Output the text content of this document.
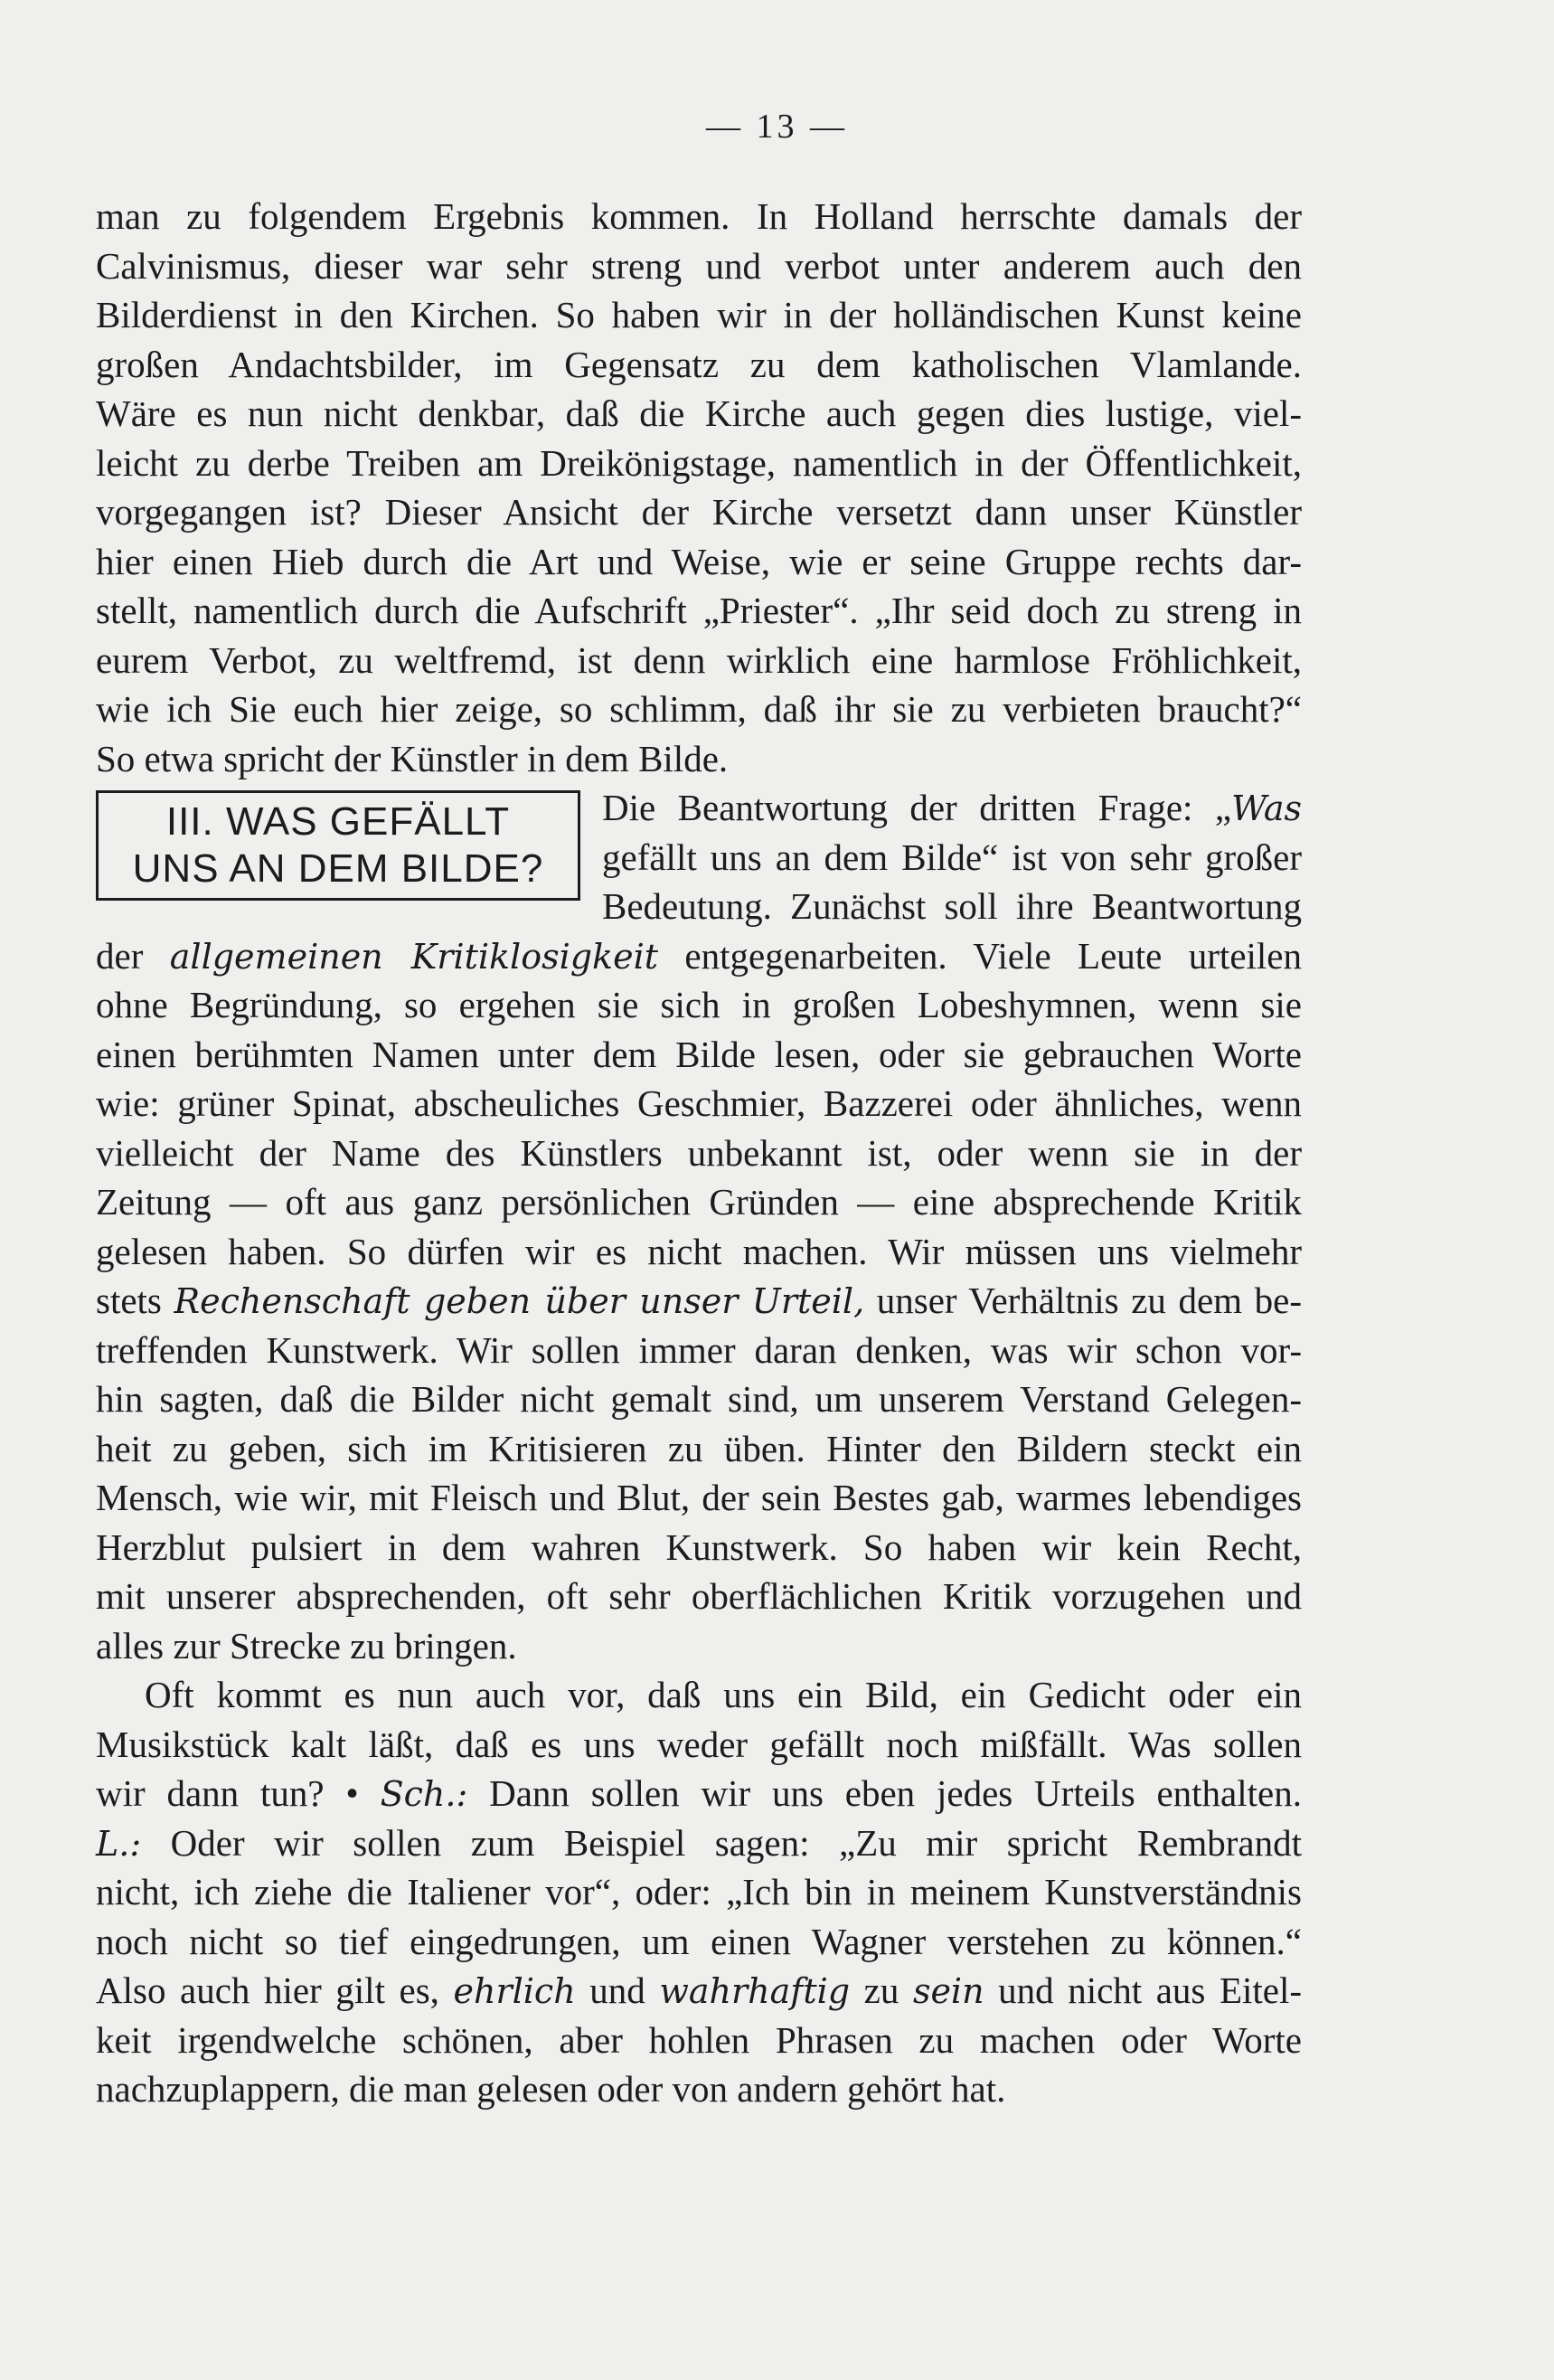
— 13 —
man zu folgendem Ergebnis kommen. In Holland herrschte damals der
Calvinismus, dieser war sehr streng und verbot unter anderem auch den
Bilderdienst in den Kirchen. So haben wir in der holländischen Kunst keine
großen Andachtsbilder, im Gegensatz zu dem katholischen Vlamlande.
Wäre es nun nicht denkbar, daß die Kirche auch gegen dies lustige, viel-
leicht zu derbe Treiben am Dreikönigstage, namentlich in der Öffentlichkeit,
vorgegangen ist? Dieser Ansicht der Kirche versetzt dann unser Künstler
hier einen Hieb durch die Art und Weise, wie er seine Gruppe rechts dar-
stellt, namentlich durch die Aufschrift „Priester“. „Ihr seid doch zu streng in
eurem Verbot, zu weltfremd, ist denn wirklich eine harmlose Fröhlichkeit,
wie ich Sie euch hier zeige, so schlimm, daß ihr sie zu verbieten braucht?“
So etwa spricht der Künstler in dem Bilde.
III. WAS GEFÄLLT
UNS AN DEM BILDE?
Die Beantwortung der dritten Frage: „Was
gefällt uns an dem Bilde“ ist von sehr großer
Bedeutung. Zunächst soll ihre Beantwortung
der allgemeinen Kritiklosigkeit entgegenarbeiten. Viele Leute urteilen
ohne Begründung, so ergehen sie sich in großen Lobeshymnen, wenn sie
einen berühmten Namen unter dem Bilde lesen, oder sie gebrauchen Worte
wie: grüner Spinat, abscheuliches Geschmier, Bazzerei oder ähnliches, wenn
vielleicht der Name des Künstlers unbekannt ist, oder wenn sie in der
Zeitung — oft aus ganz persönlichen Gründen — eine absprechende Kritik
gelesen haben. So dürfen wir es nicht machen. Wir müssen uns vielmehr
stets Rechenschaft geben über unser Urteil, unser Verhältnis zu dem be-
treffenden Kunstwerk. Wir sollen immer daran denken, was wir schon vor-
hin sagten, daß die Bilder nicht gemalt sind, um unserem Verstand Gelegen-
heit zu geben, sich im Kritisieren zu üben. Hinter den Bildern steckt ein
Mensch, wie wir, mit Fleisch und Blut, der sein Bestes gab, warmes lebendiges
Herzblut pulsiert in dem wahren Kunstwerk. So haben wir kein Recht,
mit unserer absprechenden, oft sehr oberflächlichen Kritik vorzugehen und
alles zur Strecke zu bringen.
Oft kommt es nun auch vor, daß uns ein Bild, ein Gedicht oder ein
Musikstück kalt läßt, daß es uns weder gefällt noch mißfällt. Was sollen
wir dann tun? • Sch.: Dann sollen wir uns eben jedes Urteils enthalten.
L.: Oder wir sollen zum Beispiel sagen: „Zu mir spricht Rembrandt
nicht, ich ziehe die Italiener vor“, oder: „Ich bin in meinem Kunstverständnis
noch nicht so tief eingedrungen, um einen Wagner verstehen zu können.“
Also auch hier gilt es, ehrlich und wahrhaftig zu sein und nicht aus Eitel-
keit irgendwelche schönen, aber hohlen Phrasen zu machen oder Worte
nachzuplappern, die man gelesen oder von andern gehört hat.
